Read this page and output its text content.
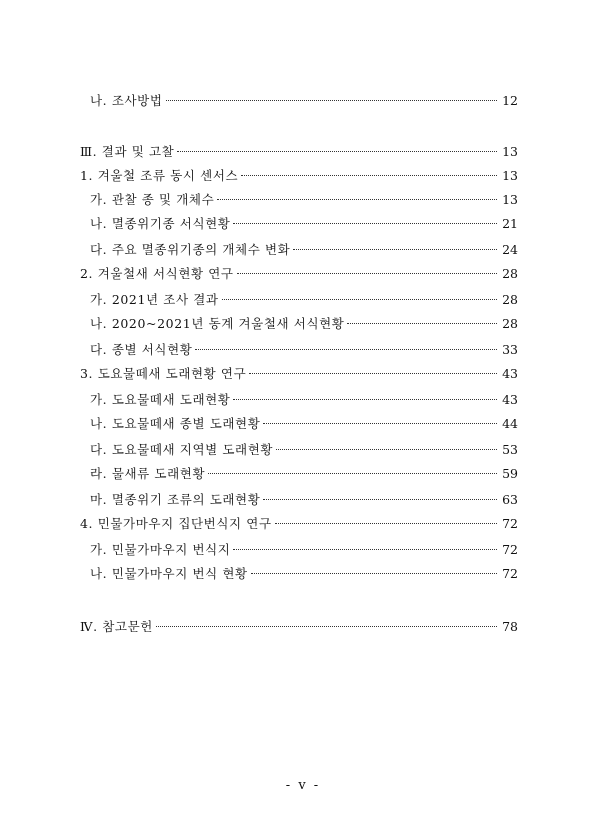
나. 조사방법	12
Ⅲ. 결과 및 고찰	13
1. 겨울철 조류 동시 센서스	13
가. 관찰 종 및 개체수	13
나. 멸종위기종 서식현황	21
다. 주요 멸종위기종의 개체수 변화	24
2. 겨울철새 서식현황 연구	28
가. 2021년 조사 결과	28
나. 2020~2021년 동계 겨울철새 서식현황	28
다. 종별 서식현황	33
3. 도요물떼새 도래현황 연구	43
가. 도요물떼새 도래현황	43
나. 도요물떼새 종별 도래현황	44
다. 도요물떼새 지역별 도래현황	53
라. 물새류 도래현황	59
마. 멸종위기 조류의 도래현황	63
4. 민물가마우지 집단번식지 연구	72
가. 민물가마우지 번식지	72
나. 민물가마우지 번식 현황	72
Ⅳ. 참고문헌	78
- v -
